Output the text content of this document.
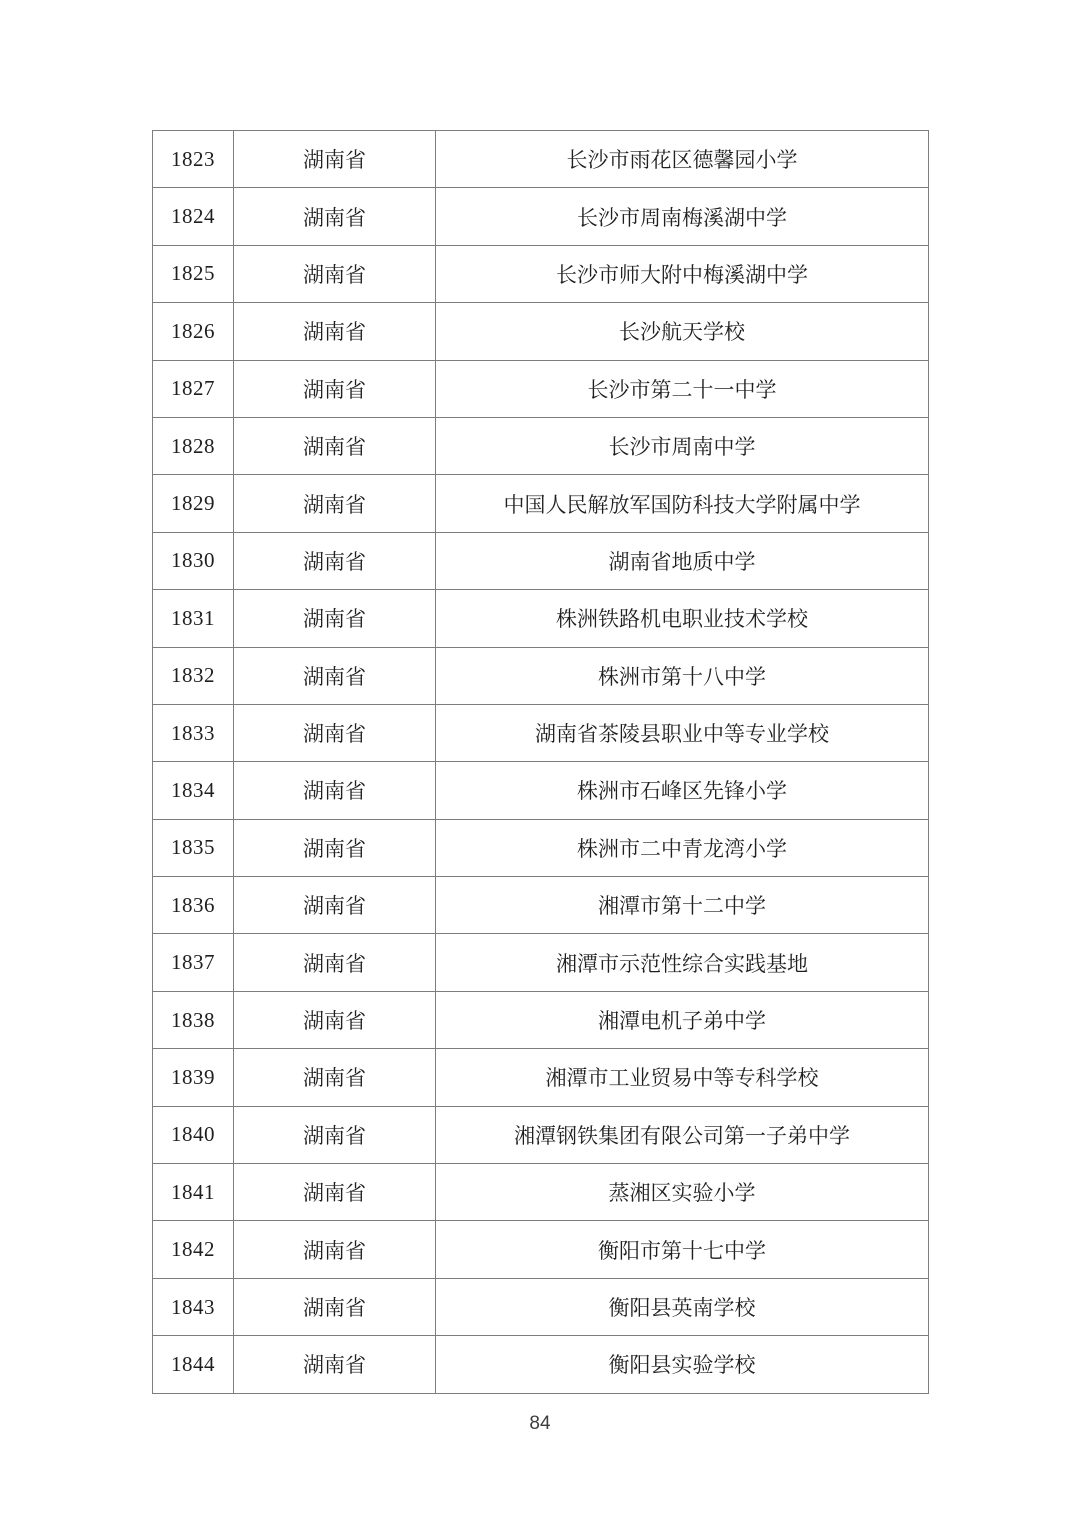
1823	湖南省	长沙市雨花区德馨园小学
1824	湖南省	长沙市周南梅溪湖中学
1825	湖南省	长沙市师大附中梅溪湖中学
1826	湖南省	长沙航天学校
1827	湖南省	长沙市第二十一中学
1828	湖南省	长沙市周南中学
1829	湖南省	中国人民解放军国防科技大学附属中学
1830	湖南省	湖南省地质中学
1831	湖南省	株洲铁路机电职业技术学校
1832	湖南省	株洲市第十八中学
1833	湖南省	湖南省茶陵县职业中等专业学校
1834	湖南省	株洲市石峰区先锋小学
1835	湖南省	株洲市二中青龙湾小学
1836	湖南省	湘潭市第十二中学
1837	湖南省	湘潭市示范性综合实践基地
1838	湖南省	湘潭电机子弟中学
1839	湖南省	湘潭市工业贸易中等专科学校
1840	湖南省	湘潭钢铁集团有限公司第一子弟中学
1841	湖南省	蒸湘区实验小学
1842	湖南省	衡阳市第十七中学
1843	湖南省	衡阳县英南学校
1844	湖南省	衡阳县实验学校
84
